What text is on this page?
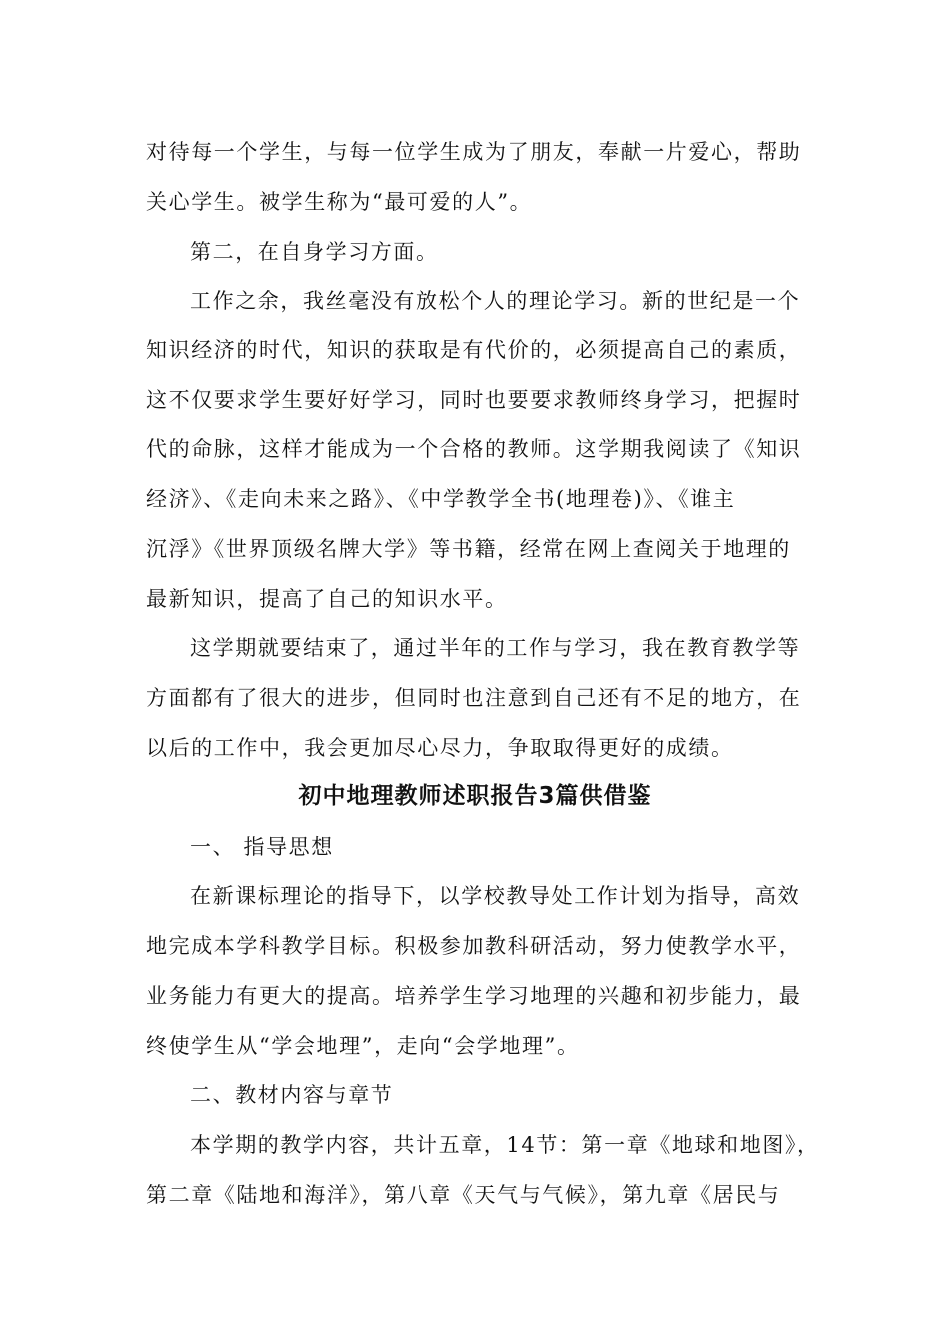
对待每一个学生，与每一位学生成为了朋友，奉献一片爱心，帮助
关心学生。被学生称为“最可爱的人”。
第二，在自身学习方面。
工作之余，我丝毫没有放松个人的理论学习。新的世纪是一个
知识经济的时代，知识的获取是有代价的，必须提高自己的素质，
这不仅要求学生要好好学习，同时也要要求教师终身学习，把握时
代的命脉，这样才能成为一个合格的教师。这学期我阅读了《知识
经济》、《走向未来之路》、《中学教学全书(地理卷)》、《谁主
沉浮》《世界顶级名牌大学》等书籍，经常在网上查阅关于地理的
最新知识，提高了自己的知识水平。
这学期就要结束了，通过半年的工作与学习，我在教育教学等
方面都有了很大的进步，但同时也注意到自己还有不足的地方，在
以后的工作中，我会更加尽心尽力，争取取得更好的成绩。
初中地理教师述职报告3篇供借鉴
一、 指导思想
在新课标理论的指导下，以学校教导处工作计划为指导，高效
地完成本学科教学目标。积极参加教科研活动，努力使教学水平，
业务能力有更大的提高。培养学生学习地理的兴趣和初步能力，最
终使学生从“学会地理”，走向“会学地理”。
二、教材内容与章节
本学期的教学内容，共计五章，14节：第一章《地球和地图》，
第二章《陆地和海洋》，第八章《天气与气候》，第九章《居民与
